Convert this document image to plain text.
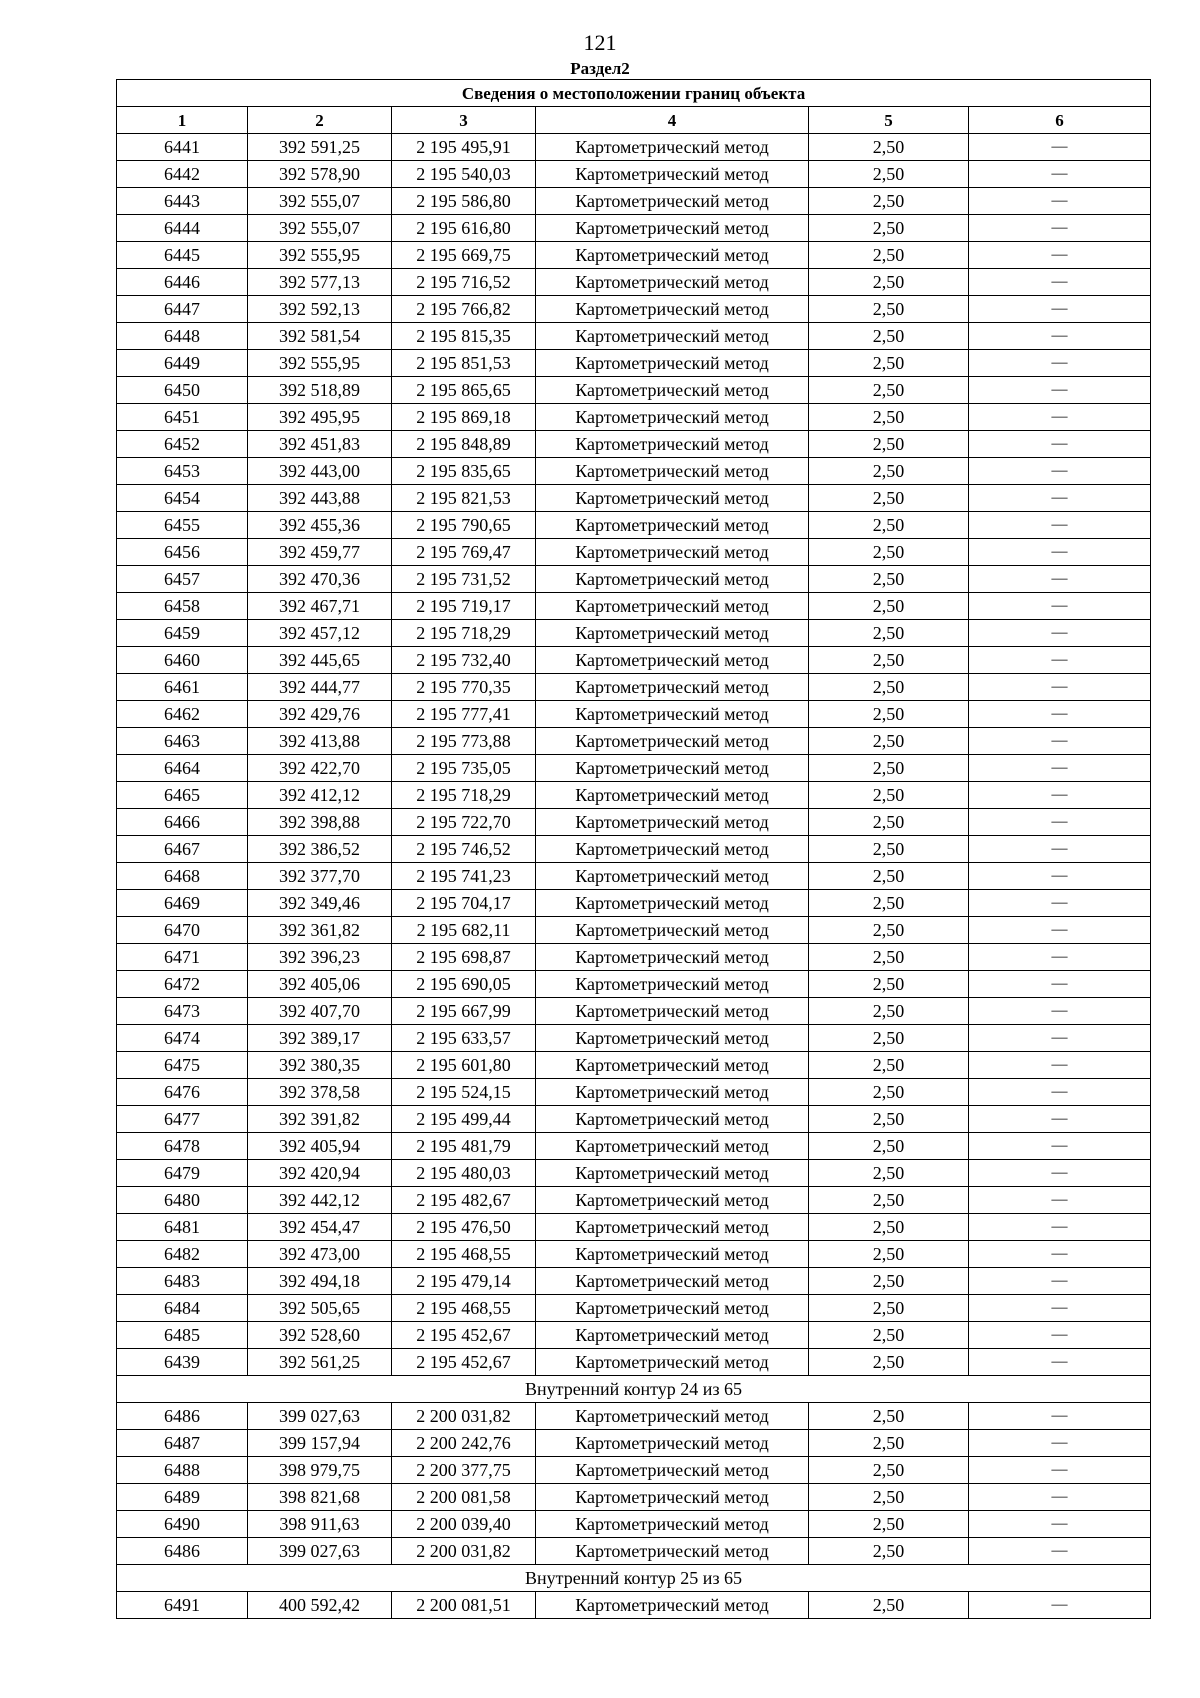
121
Раздел2
Сведения о местоположении границ объекта					
1	2	3	4	5	6
6441	392 591,25	2 195 495,91	Картометрический метод	2,50	—
6442	392 578,90	2 195 540,03	Картометрический метод	2,50	—
6443	392 555,07	2 195 586,80	Картометрический метод	2,50	—
6444	392 555,07	2 195 616,80	Картометрический метод	2,50	—
6445	392 555,95	2 195 669,75	Картометрический метод	2,50	—
6446	392 577,13	2 195 716,52	Картометрический метод	2,50	—
6447	392 592,13	2 195 766,82	Картометрический метод	2,50	—
6448	392 581,54	2 195 815,35	Картометрический метод	2,50	—
6449	392 555,95	2 195 851,53	Картометрический метод	2,50	—
6450	392 518,89	2 195 865,65	Картометрический метод	2,50	—
6451	392 495,95	2 195 869,18	Картометрический метод	2,50	—
6452	392 451,83	2 195 848,89	Картометрический метод	2,50	—
6453	392 443,00	2 195 835,65	Картометрический метод	2,50	—
6454	392 443,88	2 195 821,53	Картометрический метод	2,50	—
6455	392 455,36	2 195 790,65	Картометрический метод	2,50	—
6456	392 459,77	2 195 769,47	Картометрический метод	2,50	—
6457	392 470,36	2 195 731,52	Картометрический метод	2,50	—
6458	392 467,71	2 195 719,17	Картометрический метод	2,50	—
6459	392 457,12	2 195 718,29	Картометрический метод	2,50	—
6460	392 445,65	2 195 732,40	Картометрический метод	2,50	—
6461	392 444,77	2 195 770,35	Картометрический метод	2,50	—
6462	392 429,76	2 195 777,41	Картометрический метод	2,50	—
6463	392 413,88	2 195 773,88	Картометрический метод	2,50	—
6464	392 422,70	2 195 735,05	Картометрический метод	2,50	—
6465	392 412,12	2 195 718,29	Картометрический метод	2,50	—
6466	392 398,88	2 195 722,70	Картометрический метод	2,50	—
6467	392 386,52	2 195 746,52	Картометрический метод	2,50	—
6468	392 377,70	2 195 741,23	Картометрический метод	2,50	—
6469	392 349,46	2 195 704,17	Картометрический метод	2,50	—
6470	392 361,82	2 195 682,11	Картометрический метод	2,50	—
6471	392 396,23	2 195 698,87	Картометрический метод	2,50	—
6472	392 405,06	2 195 690,05	Картометрический метод	2,50	—
6473	392 407,70	2 195 667,99	Картометрический метод	2,50	—
6474	392 389,17	2 195 633,57	Картометрический метод	2,50	—
6475	392 380,35	2 195 601,80	Картометрический метод	2,50	—
6476	392 378,58	2 195 524,15	Картометрический метод	2,50	—
6477	392 391,82	2 195 499,44	Картометрический метод	2,50	—
6478	392 405,94	2 195 481,79	Картометрический метод	2,50	—
6479	392 420,94	2 195 480,03	Картометрический метод	2,50	—
6480	392 442,12	2 195 482,67	Картометрический метод	2,50	—
6481	392 454,47	2 195 476,50	Картометрический метод	2,50	—
6482	392 473,00	2 195 468,55	Картометрический метод	2,50	—
6483	392 494,18	2 195 479,14	Картометрический метод	2,50	—
6484	392 505,65	2 195 468,55	Картометрический метод	2,50	—
6485	392 528,60	2 195 452,67	Картометрический метод	2,50	—
6439	392 561,25	2 195 452,67	Картометрический метод	2,50	—
Внутренний контур 24 из 65					
6486	399 027,63	2 200 031,82	Картометрический метод	2,50	—
6487	399 157,94	2 200 242,76	Картометрический метод	2,50	—
6488	398 979,75	2 200 377,75	Картометрический метод	2,50	—
6489	398 821,68	2 200 081,58	Картометрический метод	2,50	—
6490	398 911,63	2 200 039,40	Картометрический метод	2,50	—
6486	399 027,63	2 200 031,82	Картометрический метод	2,50	—
Внутренний контур 25 из 65					
6491	400 592,42	2 200 081,51	Картометрический метод	2,50	—
